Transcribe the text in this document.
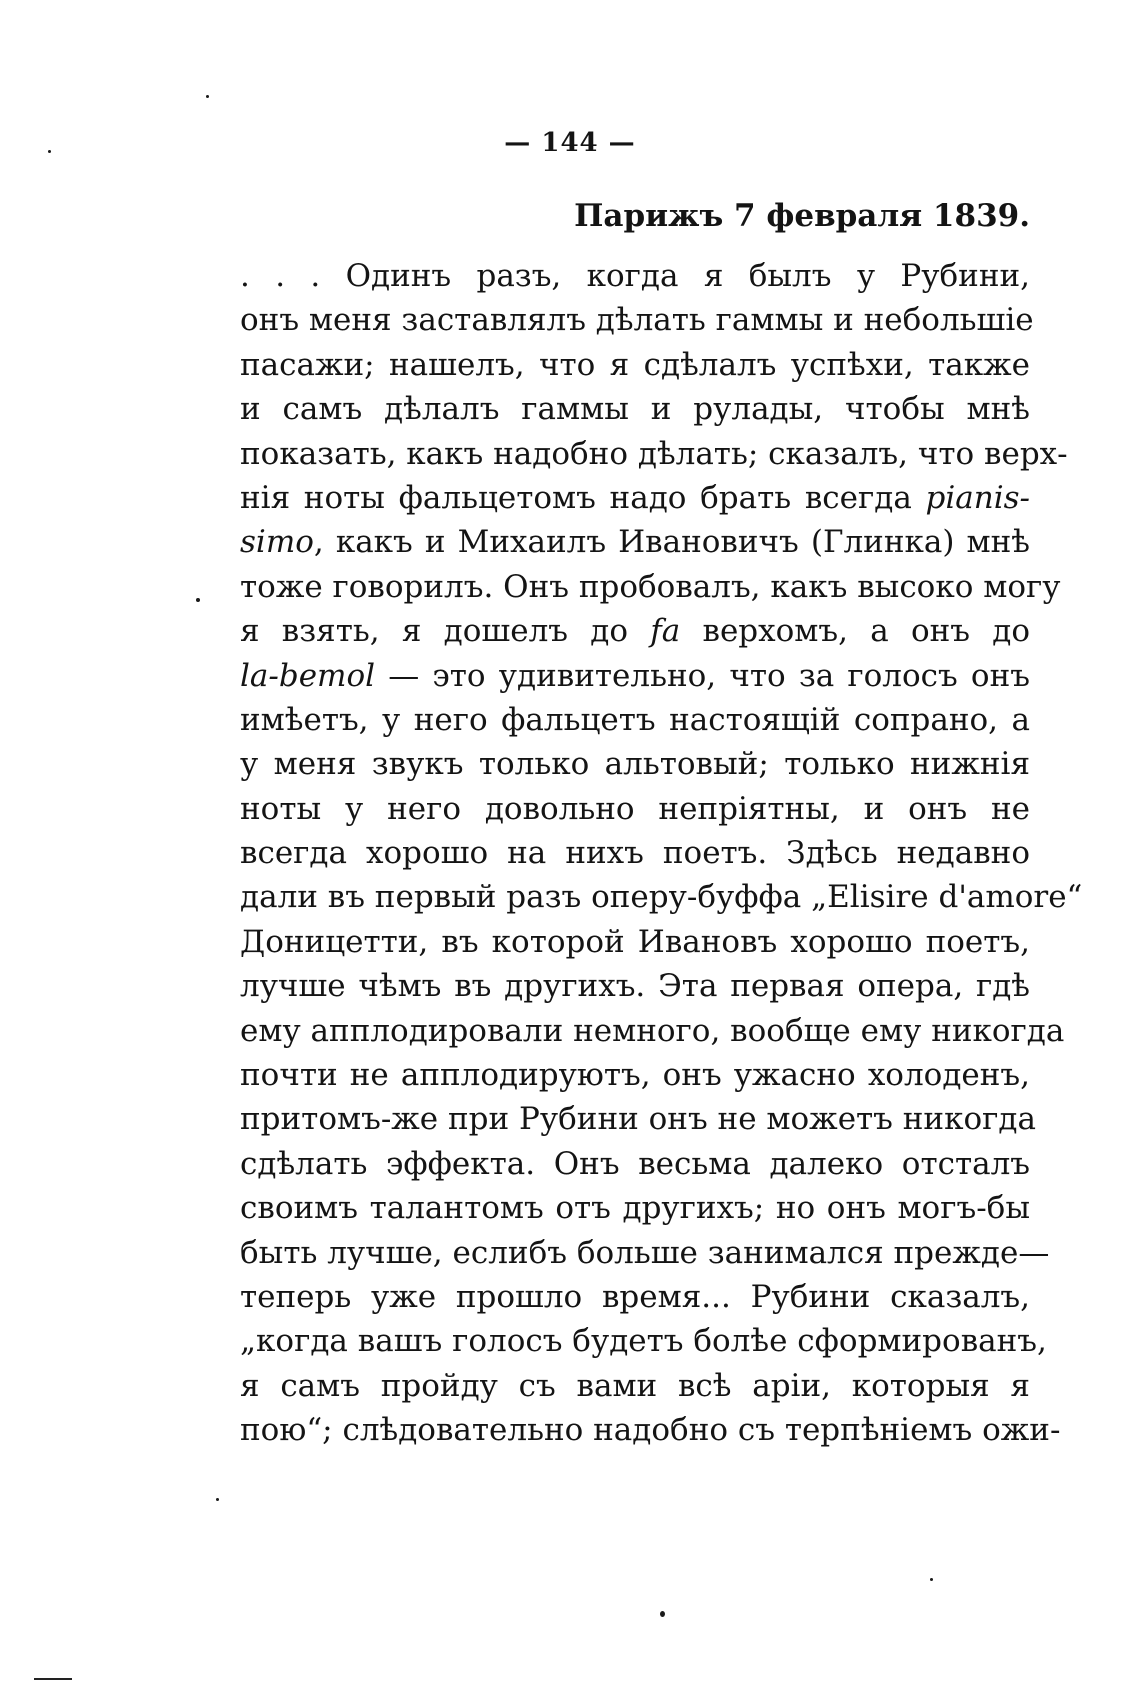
— 144 —
Парижъ 7 февраля 1839.
. . . Одинъ разъ, когда я былъ у Рубини,
онъ меня заставлялъ дѣлать гаммы и небольшіе
пасажи; нашелъ, что я сдѣлалъ успѣхи, также
и самъ дѣлалъ гаммы и рулады, чтобы мнѣ
показать, какъ надобно дѣлать; сказалъ, что верх-
нія ноты фальцетомъ надо брать всегда pianis-
simo, какъ и Михаилъ Ивановичъ (Глинка) мнѣ
тоже говорилъ. Онъ пробовалъ, какъ высоко могу
я взять, я дошелъ до fa верхомъ, а онъ до
la-bemol — это удивительно, что за голосъ онъ
имѣетъ, у него фальцетъ настоящій сопрано, а
у меня звукъ только альтовый; только нижнія
ноты у него довольно непріятны, и онъ не
всегда хорошо на нихъ поетъ. Здѣсь недавно
дали въ первый разъ оперу-буффа „Elisire d'amore“
Доницетти, въ которой Ивановъ хорошо поетъ,
лучше чѣмъ въ другихъ. Эта первая опера, гдѣ
ему апплодировали немного, вообще ему никогда
почти не апплодируютъ, онъ ужасно холоденъ,
притомъ-же при Рубини онъ не можетъ никогда
сдѣлать эффекта. Онъ весьма далеко отсталъ
своимъ талантомъ отъ другихъ; но онъ могъ-бы
быть лучше, еслибъ больше занимался прежде—
теперь уже прошло время... Рубини сказалъ,
„когда вашъ голосъ будетъ болѣе сформированъ,
я самъ пройду съ вами всѣ аріи, которыя я
пою“; слѣдовательно надобно съ терпѣніемъ ожи-
